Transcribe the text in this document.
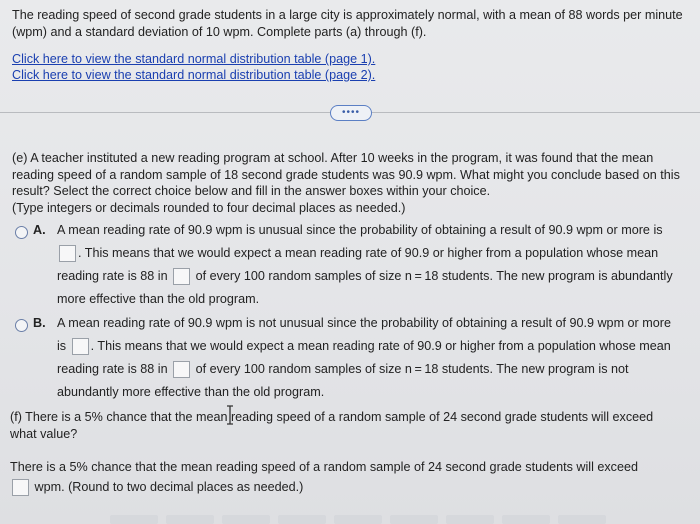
The reading speed of second grade students in a large city is approximately normal, with a mean of 88 words per minute (wpm) and a standard deviation of 10 wpm. Complete parts (a) through (f).

Click here to view the standard normal distribution table (page 1).
Click here to view the standard normal distribution table (page 2).
••••

(e) A teacher instituted a new reading program at school. After 10 weeks in the program, it was found that the mean reading speed of a random sample of 18 second grade students was 90.9 wpm. What might you conclude based on this result? Select the correct choice below and fill in the answer boxes within your choice.
(Type integers or decimals rounded to four decimal places as needed.)

A. A mean reading rate of 90.9 wpm is unusual since the probability of obtaining a result of 90.9 wpm or more is . This means that we would expect a mean reading rate of 90.9 or higher from a population whose mean reading rate is 88 in of every 100 random samples of size n = 18 students. The new program is abundantly more effective than the old program.
B. A mean reading rate of 90.9 wpm is not unusual since the probability of obtaining a result of 90.9 wpm or more is . This means that we would expect a mean reading rate of 90.9 or higher from a population whose mean reading rate is 88 in of every 100 random samples of size n = 18 students. The new program is not abundantly more effective than the old program.

(f) There is a 5% chance that the mean reading speed of a random sample of 24 second grade students will exceed what value?

There is a 5% chance that the mean reading speed of a random sample of 24 second grade students will exceed
wpm. (Round to two decimal places as needed.)
